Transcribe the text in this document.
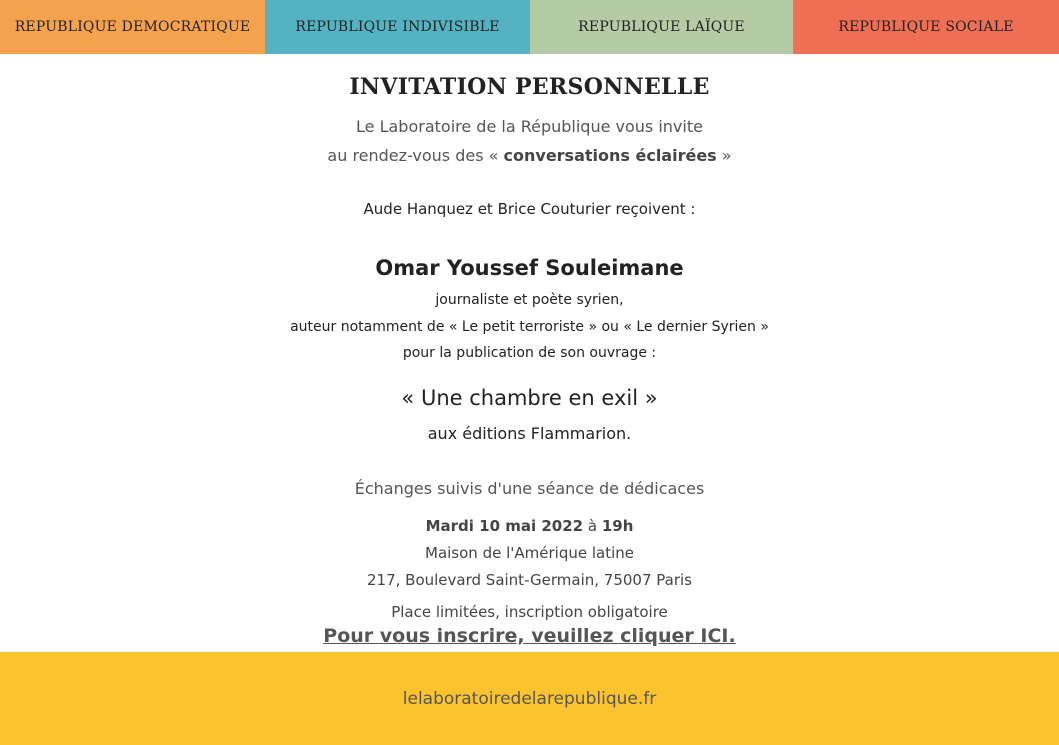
REPUBLIQUE DEMOCRATIQUE	REPUBLIQUE INDIVISIBLE	REPUBLIQUE LAÏQUE	REPUBLIQUE SOCIALE
INVITATION PERSONNELLE
Le Laboratoire de la République vous invite
au rendez-vous des « conversations éclairées »
Aude Hanquez et Brice Couturier reçoivent :
Omar Youssef Souleimane
journaliste et poète syrien,
auteur notamment de « Le petit terroriste » ou « Le dernier Syrien »
pour la publication de son ouvrage :
« Une chambre en exil »
aux éditions Flammarion.
Échanges suivis d'une séance de dédicaces
Mardi 10 mai 2022 à 19h
Maison de l'Amérique latine
217, Boulevard Saint-Germain, 75007 Paris
Place limitées, inscription obligatoire
Pour vous inscrire, veuillez cliquer ICI.
lelaboratoiredelarepublique.fr
